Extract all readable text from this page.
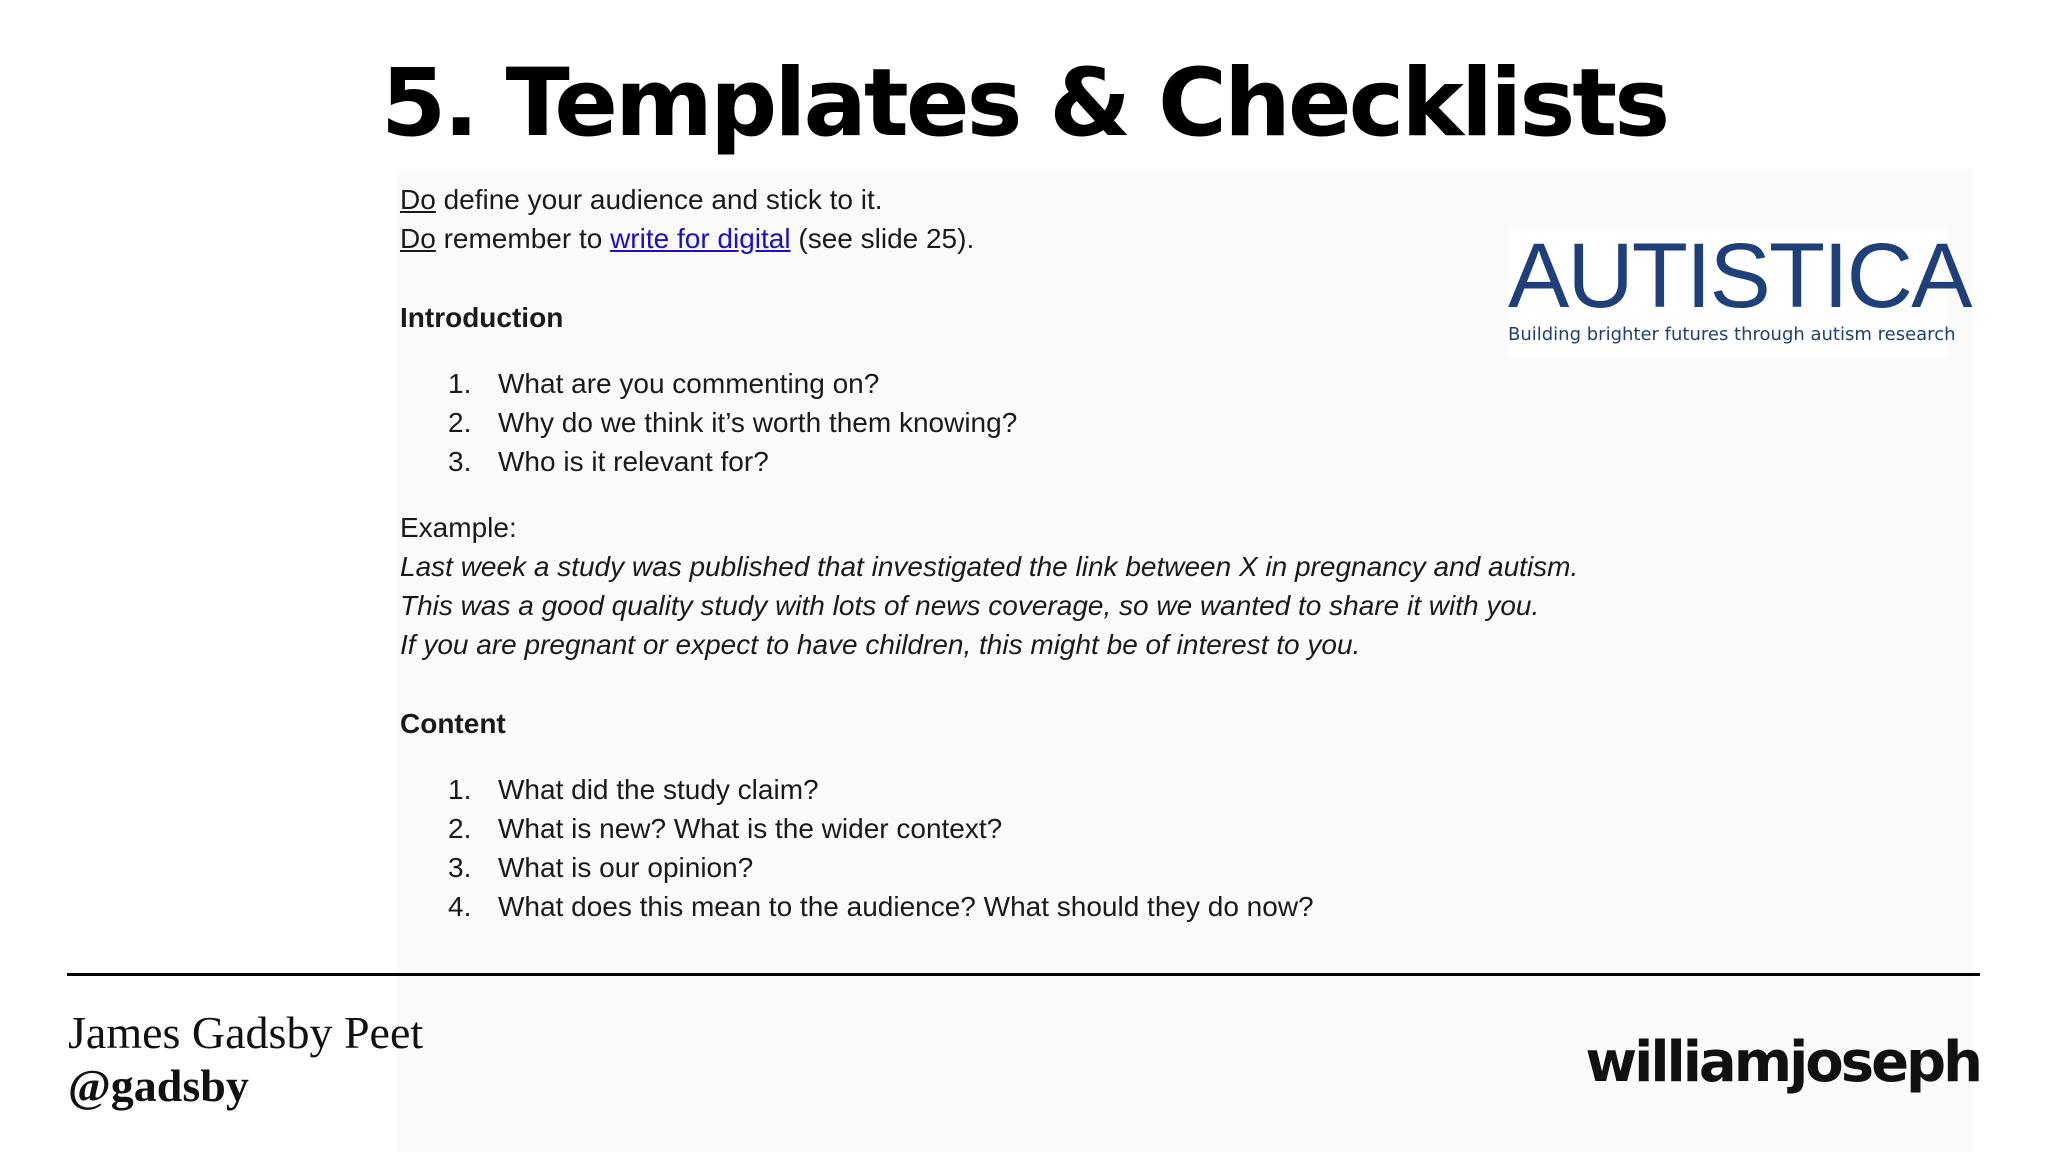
5. Templates & Checklists
Do define your audience and stick to it.
Do remember to write for digital (see slide 25).
Introduction
1. What are you commenting on?
2. Why do we think it’s worth them knowing?
3. Who is it relevant for?
Example:
Last week a study was published that investigated the link between X in pregnancy and autism.
This was a good quality study with lots of news coverage, so we wanted to share it with you.
If you are pregnant or expect to have children, this might be of interest to you.
Content
1. What did the study claim?
2. What is new? What is the wider context?
3. What is our opinion?
4. What does this mean to the audience? What should they do now?
AUTISTICA
Building brighter futures through autism research
James Gadsby Peet
@gadsby	williamjoseph
